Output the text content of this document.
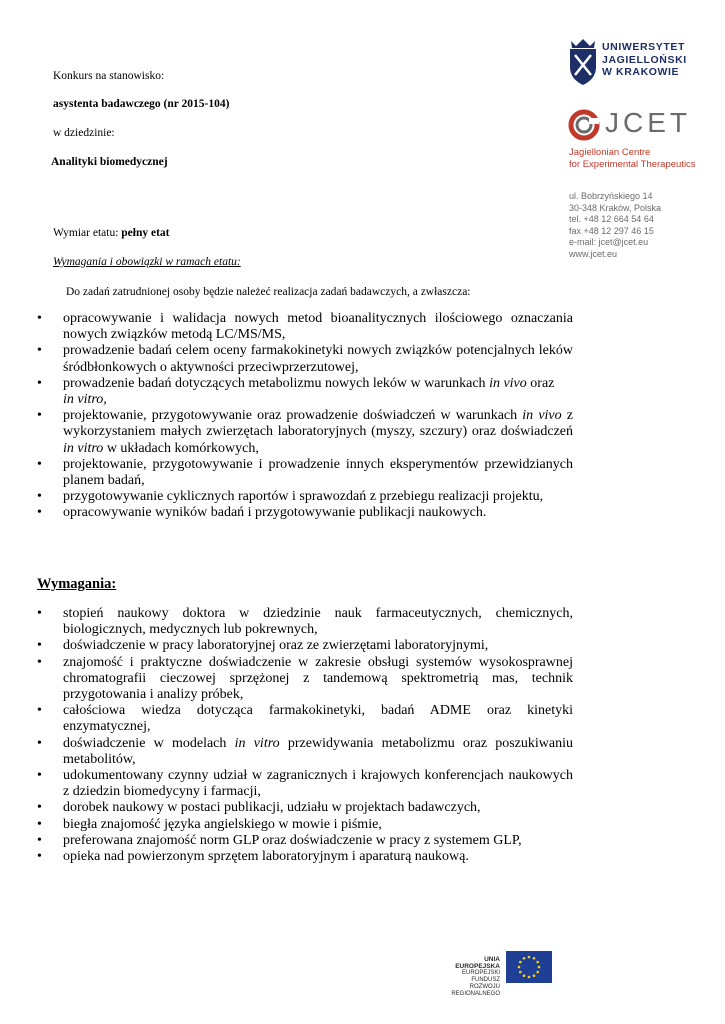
Konkurs na stanowisko:
asystenta badawczego (nr 2015-104)
w dziedzinie:
Analityki biomedycznej
Wymiar etatu: pełny etat
Wymagania i obowiązki w ramach etatu:
Do zadań zatrudnionej osoby będzie należeć realizacja zadań badawczych, a zwłaszcza:
UNIWERSYTET
JAGIELLOŃSKI
W KRAKOWIE
JCET
Jagiellonian Centre
for Experimental Therapeutics
ul. Bobrzyńskiego 14
30-348 Kraków, Polska
tel. +48 12 664 54 64
fax +48 12 297 46 15
e-mail: jcet@jcet.eu
www.jcet.eu
• opracowywanie i walidacja nowych metod bioanalitycznych ilościowego oznaczania nowych związków metodą LC/MS/MS,
• prowadzenie badań celem oceny farmakokinetyki nowych związków potencjalnych leków śródbłonkowych o aktywności przeciwprzerzutowej,
• prowadzenie badań dotyczących metabolizmu nowych leków w warunkach in vivo oraz
in vitro,
• projektowanie, przygotowywanie oraz prowadzenie doświadczeń w warunkach in vivo z wykorzystaniem małych zwierzętach laboratoryjnych (myszy, szczury) oraz doświadczeń in vitro w układach komórkowych,
• projektowanie, przygotowywanie i prowadzenie innych eksperymentów przewidzianych planem badań,
• przygotowywanie cyklicznych raportów i sprawozdań z przebiegu realizacji projektu,
• opracowywanie wyników badań i przygotowywanie publikacji naukowych.
Wymagania:
• stopień naukowy doktora w dziedzinie nauk farmaceutycznych, chemicznych, biologicznych, medycznych lub pokrewnych,
• doświadczenie w pracy laboratoryjnej oraz ze zwierzętami laboratoryjnymi,
• znajomość i praktyczne doświadczenie w zakresie obsługi systemów wysokosprawnej chromatografii cieczowej sprzężonej z tandemową spektrometrią mas, technik przygotowania i analizy próbek,
• całościowa wiedza dotycząca farmakokinetyki, badań ADME oraz kinetyki enzymatycznej,
• doświadczenie w modelach in vitro przewidywania metabolizmu oraz poszukiwaniu metabolitów,
• udokumentowany czynny udział w zagranicznych i krajowych konferencjach naukowych z dziedzin biomedycyny i farmacji,
• dorobek naukowy w postaci publikacji, udziału w projektach badawczych,
• biegła znajomość języka angielskiego w mowie i piśmie,
• preferowana znajomość norm GLP oraz doświadczenie w pracy z systemem GLP,
• opieka nad powierzonym sprzętem laboratoryjnym i aparaturą naukową.
UNIA EUROPEJSKA
EUROPEJSKI FUNDUSZ
ROZWOJU REGIONALNEGO
